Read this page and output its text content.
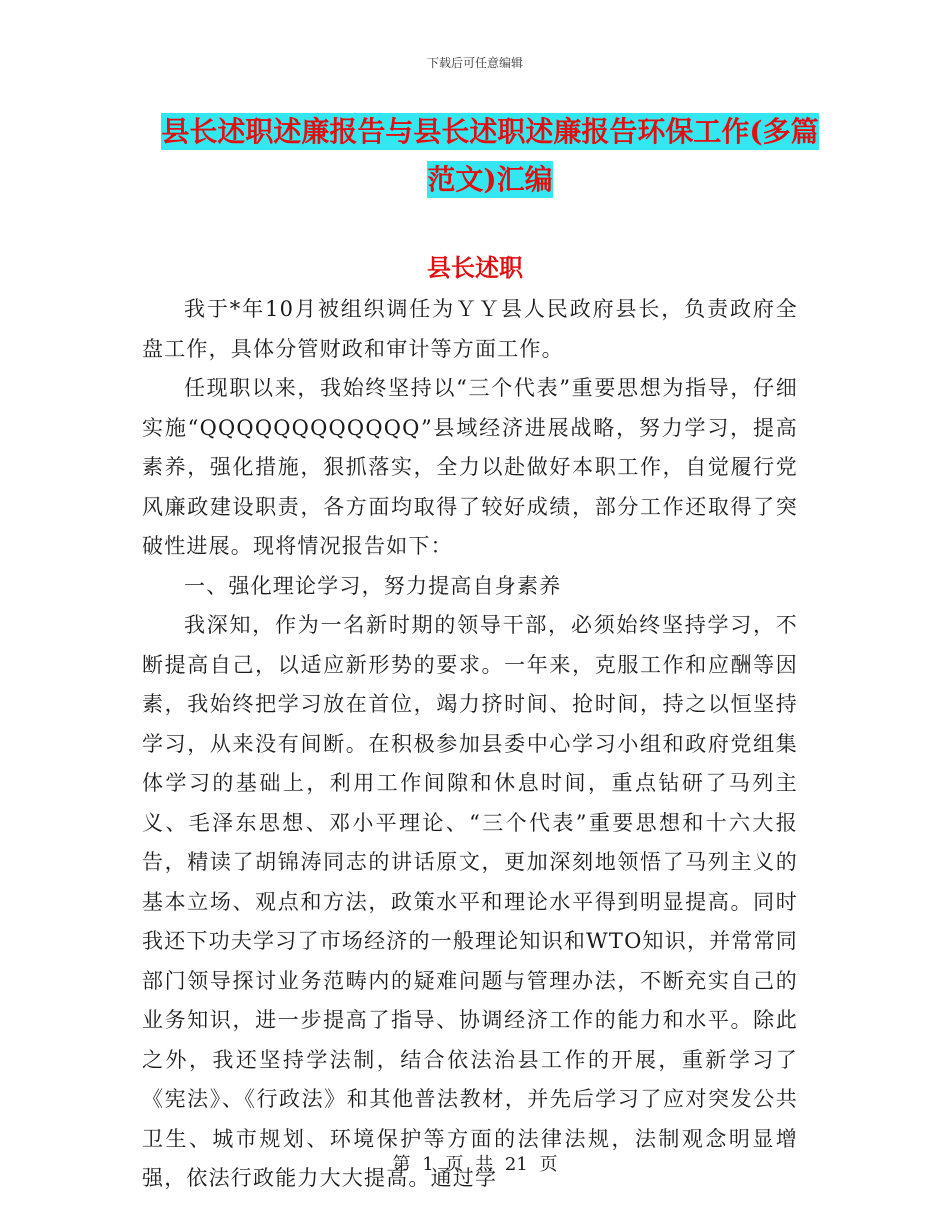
下载后可任意编辑
县长述职述廉报告与县长述职述廉报告环保工作(多篇
范文)汇编
县长述职

我于*年10月被组织调任为ＹＹ县人民政府县长，负责政府全盘工作，具体分管财政和审计等方面工作。

任现职以来，我始终坚持以“三个代表”重要思想为指导，仔细实施“QQQQQQQQQQQQ”县域经济进展战略，努力学习，提高素养，强化措施，狠抓落实，全力以赴做好本职工作，自觉履行党风廉政建设职责，各方面均取得了较好成绩，部分工作还取得了突破性进展。现将情况报告如下：

一、强化理论学习，努力提高自身素养

我深知，作为一名新时期的领导干部，必须始终坚持学习，不断提高自己，以适应新形势的要求。一年来，克服工作和应酬等因素，我始终把学习放在首位，竭力挤时间、抢时间，持之以恒坚持学习，从来没有间断。在积极参加县委中心学习小组和政府党组集体学习的基础上，利用工作间隙和休息时间，重点钻研了马列主义、毛泽东思想、邓小平理论、“三个代表”重要思想和十六大报告，精读了胡锦涛同志的讲话原文，更加深刻地领悟了马列主义的基本立场、观点和方法，政策水平和理论水平得到明显提高。同时我还下功夫学习了市场经济的一般理论知识和WTO知识，并常常同部门领导探讨业务范畴内的疑难问题与管理办法，不断充实自己的业务知识，进一步提高了指导、协调经济工作的能力和水平。除此之外，我还坚持学法制，结合依法治县工作的开展，重新学习了《宪法》、《行政法》和其他普法教材，并先后学习了应对突发公共卫生、城市规划、环境保护等方面的法律法规，法制观念明显增强，依法行政能力大大提高。通过学

第 1 页 共 21 页
